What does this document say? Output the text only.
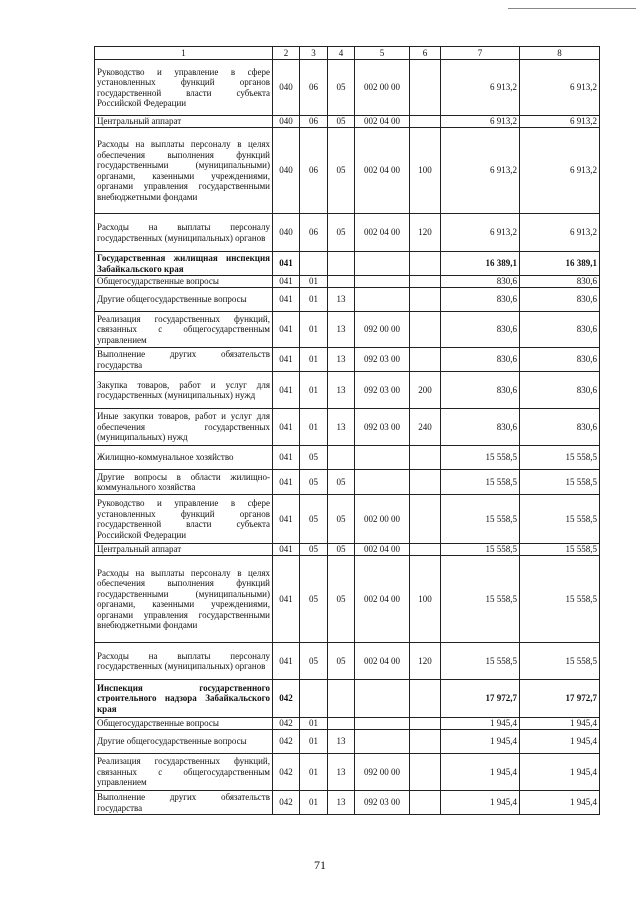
1	2	3	4	5	6	7	8
Руководство и управление в сфере установленных функций органов государственной власти субъекта Российской Федерации	040	06	05	002 00 00		6 913,2	6 913,2
Центральный аппарат	040	06	05	002 04 00		6 913,2	6 913,2
Расходы на выплаты персоналу в целях обеспечения выполнения функций государственными (муниципальными) органами, казенными учреждениями, органами управления государственными внебюджетными фондами	040	06	05	002 04 00	100	6 913,2	6 913,2
Расходы на выплаты персоналу государственных (муниципальных) органов	040	06	05	002 04 00	120	6 913,2	6 913,2
Государственная жилищная инспекция Забайкальского края	041					16 389,1	16 389,1
Общегосударственные вопросы	041	01				830,6	830,6
Другие общегосударственные вопросы	041	01	13			830,6	830,6
Реализация государственных функций, связанных с общегосударственным управлением	041	01	13	092 00 00		830,6	830,6
Выполнение других обязательств государства	041	01	13	092 03 00		830,6	830,6
Закупка товаров, работ и услуг для государственных (муниципальных) нужд	041	01	13	092 03 00	200	830,6	830,6
Иные закупки товаров, работ и услуг для обеспечения государственных (муниципальных) нужд	041	01	13	092 03 00	240	830,6	830,6
Жилищно-коммунальное хозяйство	041	05				15 558,5	15 558,5
Другие вопросы в области жилищно-коммунального хозяйства	041	05	05			15 558,5	15 558,5
Руководство и управление в сфере установленных функций органов государственной власти субъекта Российской Федерации	041	05	05	002 00 00		15 558,5	15 558,5
Центральный аппарат	041	05	05	002 04 00		15 558,5	15 558,5
Расходы на выплаты персоналу в целях обеспечения выполнения функций государственными (муниципальными) органами, казенными учреждениями, органами управления государственными внебюджетными фондами	041	05	05	002 04 00	100	15 558,5	15 558,5
Расходы на выплаты персоналу государственных (муниципальных) органов	041	05	05	002 04 00	120	15 558,5	15 558,5
Инспекция государственного строительного надзора Забайкальского края	042					17 972,7	17 972,7
Общегосударственные вопросы	042	01				1 945,4	1 945,4
Другие общегосударственные вопросы	042	01	13			1 945,4	1 945,4
Реализация государственных функций, связанных с общегосударственным управлением	042	01	13	092 00 00		1 945,4	1 945,4
Выполнение других обязательств государства	042	01	13	092 03 00		1 945,4	1 945,4
71
